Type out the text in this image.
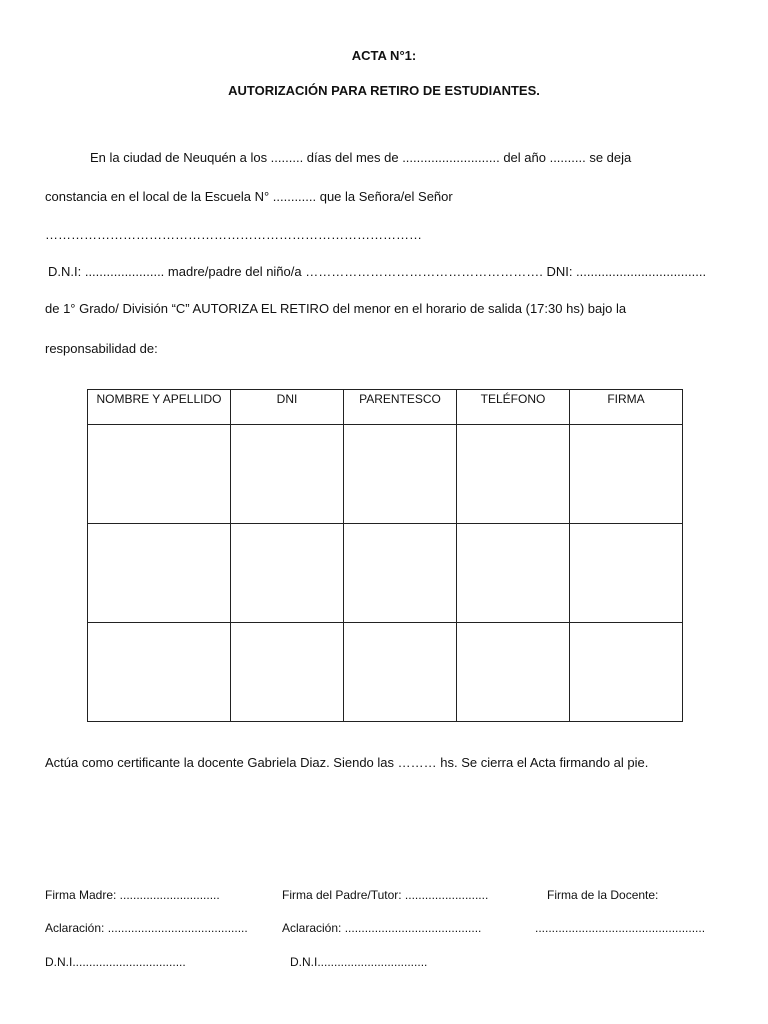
ACTA N°1:
AUTORIZACIÓN PARA RETIRO DE ESTUDIANTES.
En la ciudad de Neuquén a los ......... días del mes de ........................... del año .......... se deja
constancia en el local de la Escuela N° ............ que la Señora/el Señor
……………………………………………………………………………
D.N.I: ...................... madre/padre del niño/a ………………………………………………. DNI: ....................................
de 1° Grado/ División “C” AUTORIZA EL RETIRO del menor en el horario de salida (17:30 hs) bajo la
responsabilidad de:
NOMBRE Y APELLIDO	DNI	PARENTESCO	TELÉFONO	FIRMA

Actúa como certificante la docente Gabriela Diaz. Siendo las ……… hs. Se cierra el Acta firmando al pie.
Firma Madre: ..............................
Aclaración: ..........................................
D.N.I..................................
Firma del Padre/Tutor: .........................
Aclaración: .........................................
D.N.I.................................
Firma de la Docente:
...................................................
